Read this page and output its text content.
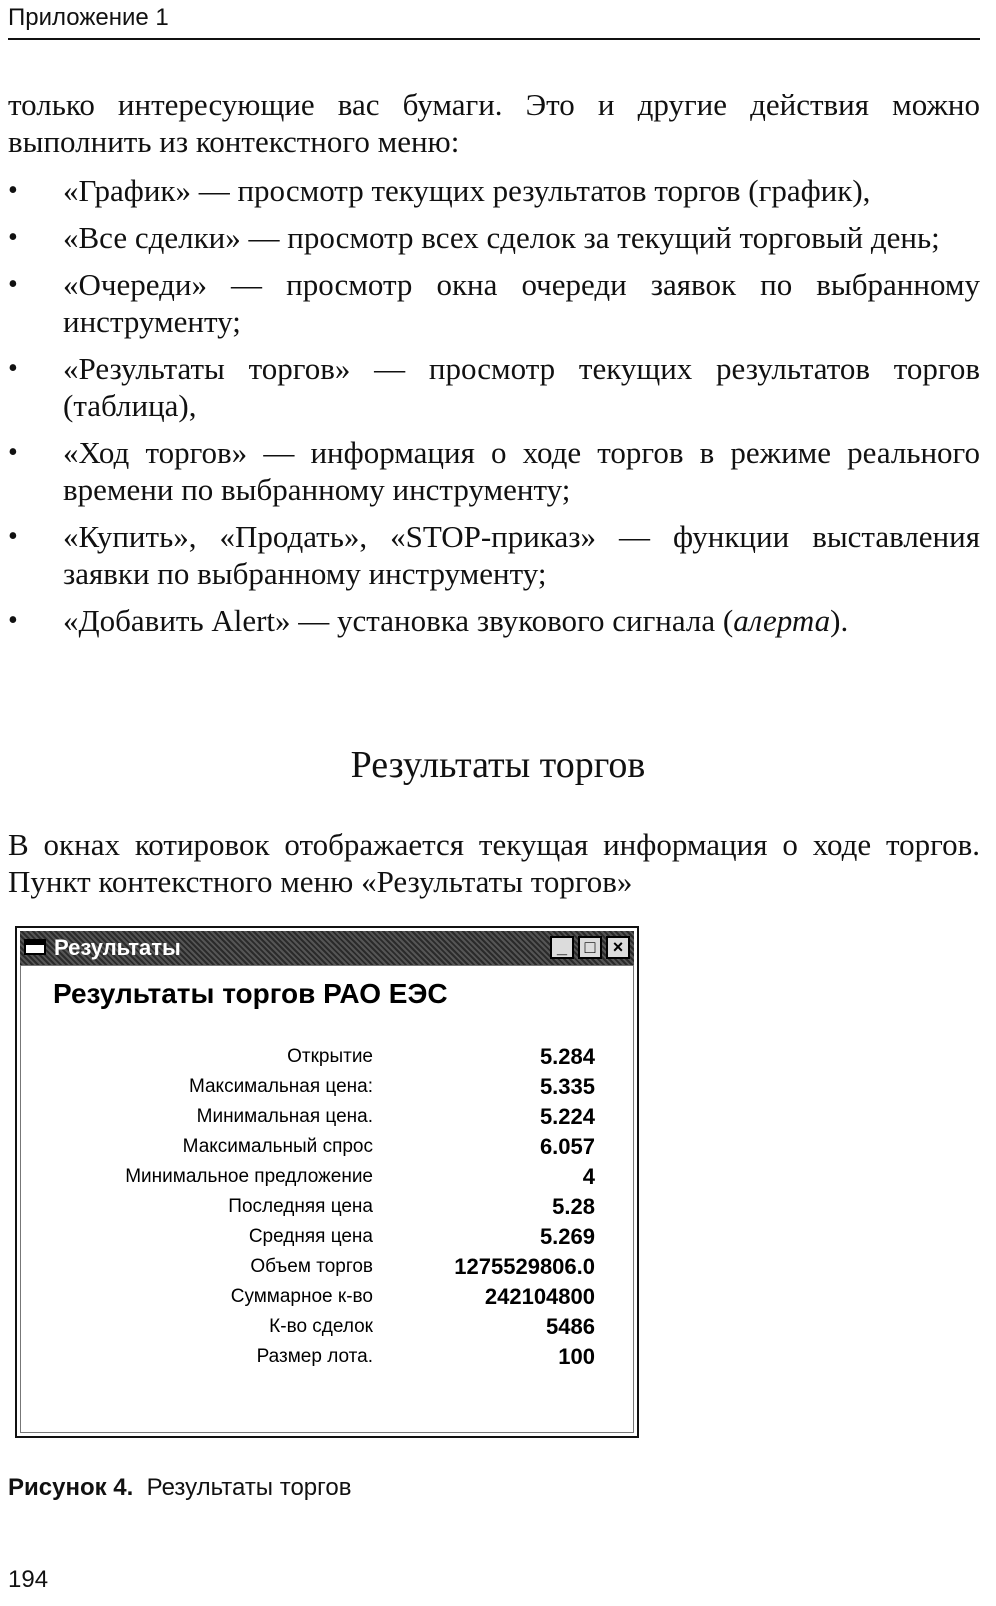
Приложение 1

только интересующие вас бумаги. Это и другие действия можно выполнить из контекстного меню:

•	«График» — просмотр текущих результатов торгов (график),
•	«Все сделки» — просмотр всех сделок за текущий торговый день;
•	«Очереди» — просмотр окна очереди заявок по выбранному инструменту;
•	«Результаты торгов» — просмотр текущих результатов торгов (таблица),
•	«Ход торгов» — информация о ходе торгов в режиме реального времени по выбранному инструменту;
•	«Купить», «Продать», «STOP-приказ» — функции выставления заявки по выбранному инструменту;
•	«Добавить Alert» — установка звукового сигнала (алерта).
Результаты торгов

В окнах котировок отображается текущая информация о ходе торгов. Пункт контекстного меню «Результаты торгов»

Результаты	_ □ ×
Результаты торгов РАО ЕЭС
Открытие	5.284
Максимальная цена:	5.335
Минимальная цена.	5.224
Максимальный спрос	6.057
Минимальное предложение	4
Последняя цена	5.28
Средняя цена	5.269
Объем торгов	1275529806.0
Суммарное к-во	242104800
К-во сделок	5486
Размер лота.	100
Рисунок 4. Результаты торгов
194
